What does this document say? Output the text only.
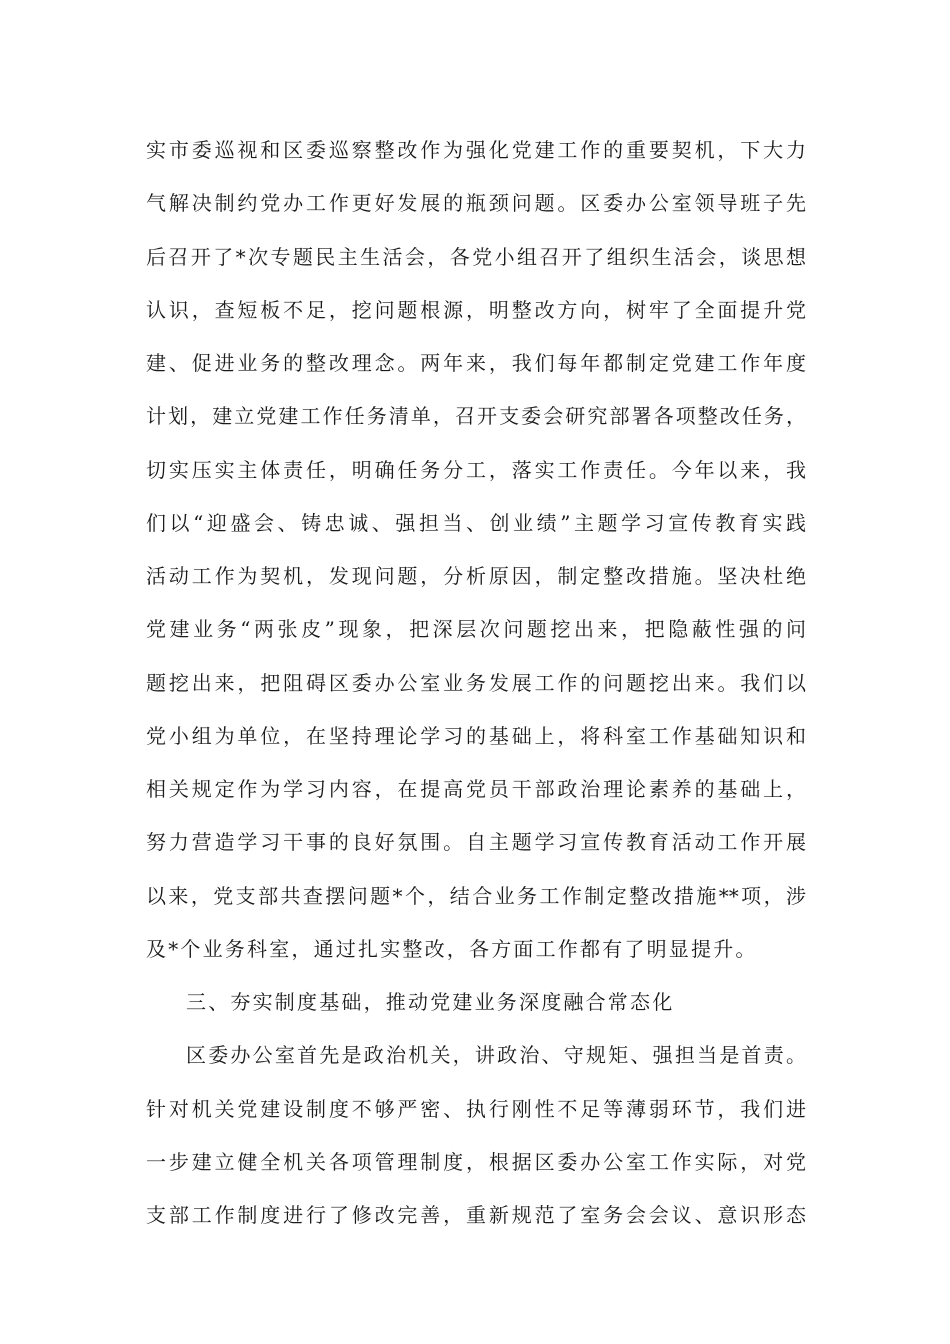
实市委巡视和区委巡察整改作为强化党建工作的重要契机，下大力
气解决制约党办工作更好发展的瓶颈问题。区委办公室领导班子先
后召开了*次专题民主生活会，各党小组召开了组织生活会，谈思想
认识，查短板不足，挖问题根源，明整改方向，树牢了全面提升党
建、促进业务的整改理念。两年来，我们每年都制定党建工作年度
计划，建立党建工作任务清单，召开支委会研究部署各项整改任务，
切实压实主体责任，明确任务分工，落实工作责任。今年以来，我
们以“迎盛会、铸忠诚、强担当、创业绩”主题学习宣传教育实践
活动工作为契机，发现问题，分析原因，制定整改措施。坚决杜绝
党建业务“两张皮”现象，把深层次问题挖出来，把隐蔽性强的问
题挖出来，把阻碍区委办公室业务发展工作的问题挖出来。我们以
党小组为单位，在坚持理论学习的基础上，将科室工作基础知识和
相关规定作为学习内容，在提高党员干部政治理论素养的基础上，
努力营造学习干事的良好氛围。自主题学习宣传教育活动工作开展
以来，党支部共查摆问题*个，结合业务工作制定整改措施**项，涉
及*个业务科室，通过扎实整改，各方面工作都有了明显提升。
三、夯实制度基础，推动党建业务深度融合常态化
区委办公室首先是政治机关，讲政治、守规矩、强担当是首责。
针对机关党建设制度不够严密、执行刚性不足等薄弱环节，我们进
一步建立健全机关各项管理制度，根据区委办公室工作实际，对党
支部工作制度进行了修改完善，重新规范了室务会会议、意识形态
